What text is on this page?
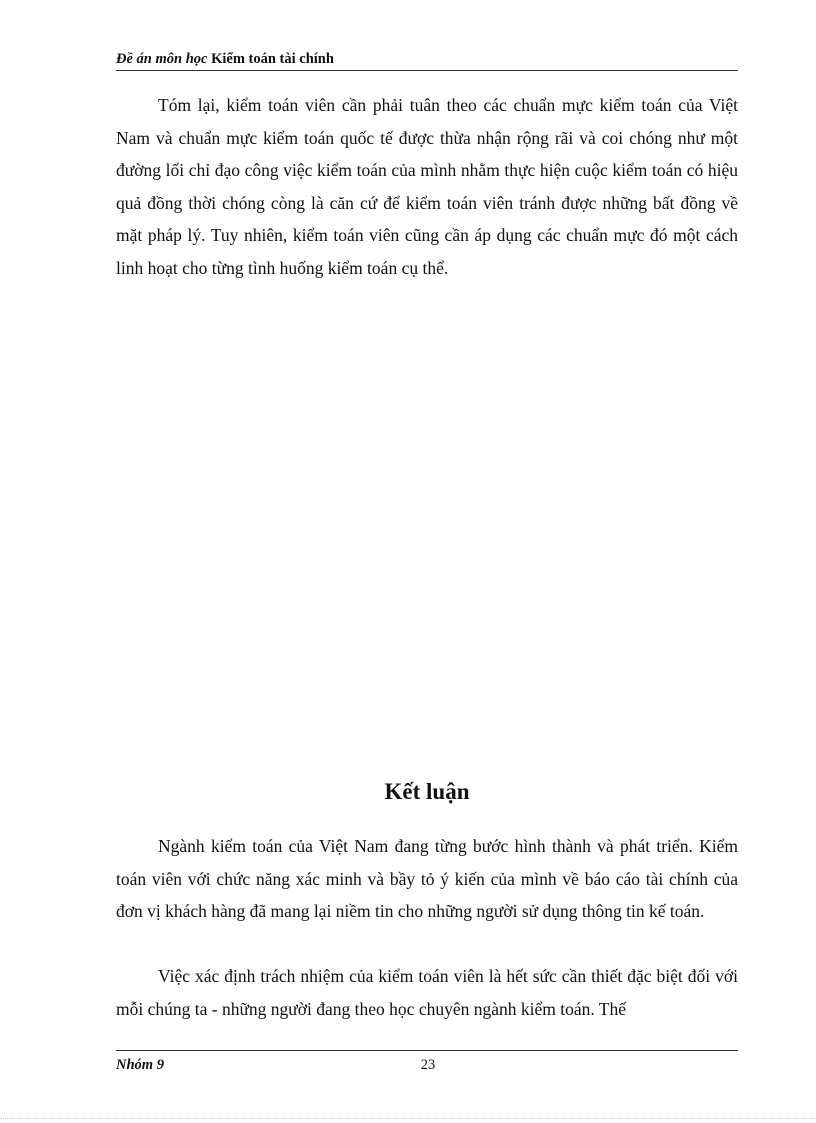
Đề án môn học Kiểm toán tài chính

Tóm lại, kiểm toán viên cần phải tuân theo các chuẩn mực kiểm toán của Việt Nam và chuẩn mực kiểm toán quốc tế được thừa nhận rộng rãi và coi chóng như một đường lối chỉ đạo công việc kiểm toán của mình nhằm thực hiện cuộc kiểm toán có hiệu quả đồng thời chóng còng là căn cứ để kiểm toán viên tránh được những bất đồng về mặt pháp lý. Tuy nhiên, kiểm toán viên cũng cần áp dụng các chuẩn mực đó một cách linh hoạt cho từng tình huống kiểm toán cụ thể.

Kết luận

Ngành kiểm toán của Việt Nam đang từng bước hình thành và phát triển. Kiểm toán viên với chức năng xác minh và bầy tỏ ý kiến của mình về báo cáo tài chính của đơn vị khách hàng đã mang lại niềm tin cho những người sử dụng thông tin kế toán.

Việc xác định trách nhiệm của kiểm toán viên là hết sức cần thiết đặc biệt đối với mỗi chúng ta - những người đang theo học chuyên ngành kiểm toán. Thế

Nhóm 9	23
